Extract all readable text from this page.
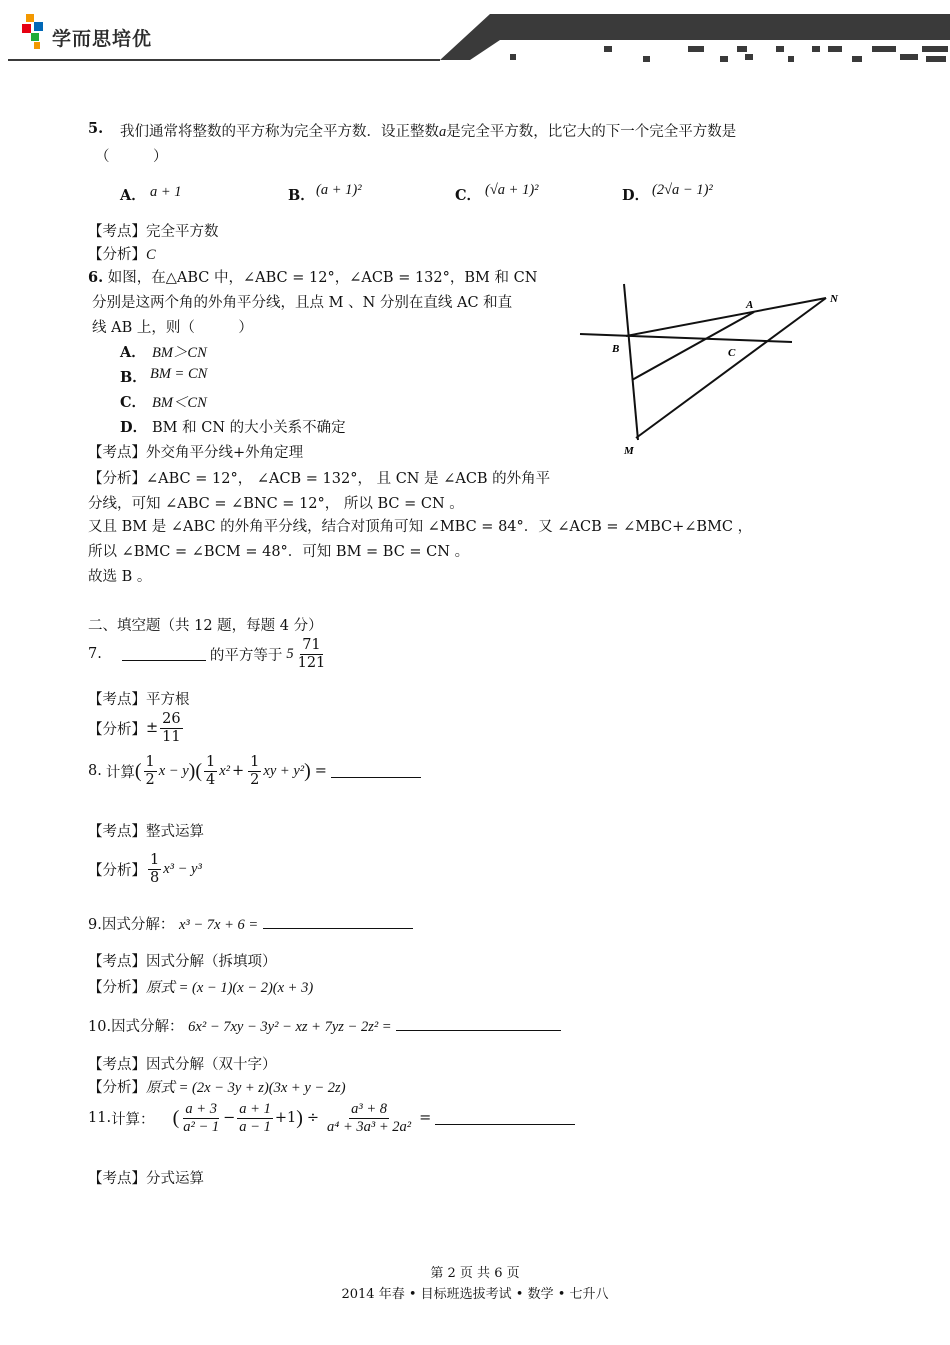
学而思培优
5. 我们通常将整数的平方称为完全平方数．设正整数a是完全平方数，比它大的下一个完全平方数是
（　　　）
A． a + 1	B． (a + 1)²	C． (√a + 1)²	D． (2√a − 1)²
【考点】完全平方数
【分析】C
6. 如图，在△ABC 中，∠ABC = 12°，∠ACB = 132°，BM 和 CN
分别是这两个角的外角平分线，且点 M 、N 分别在直线 AC 和直
线 AB 上，则（　　　）
A． BM＞CN
B． BM = CN
C． BM＜CN
D． BM 和 CN 的大小关系不确定
【考点】外交角平分线+外角定理
【分析】∠ABC = 12°， ∠ACB = 132°， 且 CN 是 ∠ACB 的外角平
分线，可知 ∠ABC = ∠BNC = 12°， 所以 BC = CN 。
又且 BM 是 ∠ABC 的外角平分线，结合对顶角可知 ∠MBC = 84°．又 ∠ACB = ∠MBC+∠BMC ，
所以 ∠BMC = ∠BCM = 48°．可知 BM = BC = CN 。
故选 B 。
A	N
B	C
M
二、填空题（共 12 题，每题 4 分）
7.	的平方等于 $5 \frac{71}{121}$
【考点】平方根
【分析】 ± $\frac{26}{11}$
8. 计算 ( $\frac{1}{2}$ x − y )( $\frac{1}{4} x^2 + \frac{1}{2}$ xy + y² ) =
【考点】整式运算
【分析】 $\frac{1}{8} x^3 - y^3$
9.因式分解： x³ − 7x + 6 =
【考点】因式分解（拆填项）
【分析】原式 = (x − 1)(x − 2)(x + 3)
10.因式分解： 6x² − 7xy − 3y² − xz + 7yz − 2z² =
【考点】因式分解（双十字）
【分析】原式 = (2x − 3y + z)(3x + y − 2z)
11. 计算： ( $\frac{a + 3}{\text{a² − 1}} - \frac{a + 1}{a - 1} +1$ ) ÷ $\frac{\text{a³ + 8}}{\text{a⁴ + 3a³ + 2a²}}$ =
【考点】分式运算
第 2 页 共 6 页
2014 年春 • 目标班选拔考试 • 数学 • 七升八
